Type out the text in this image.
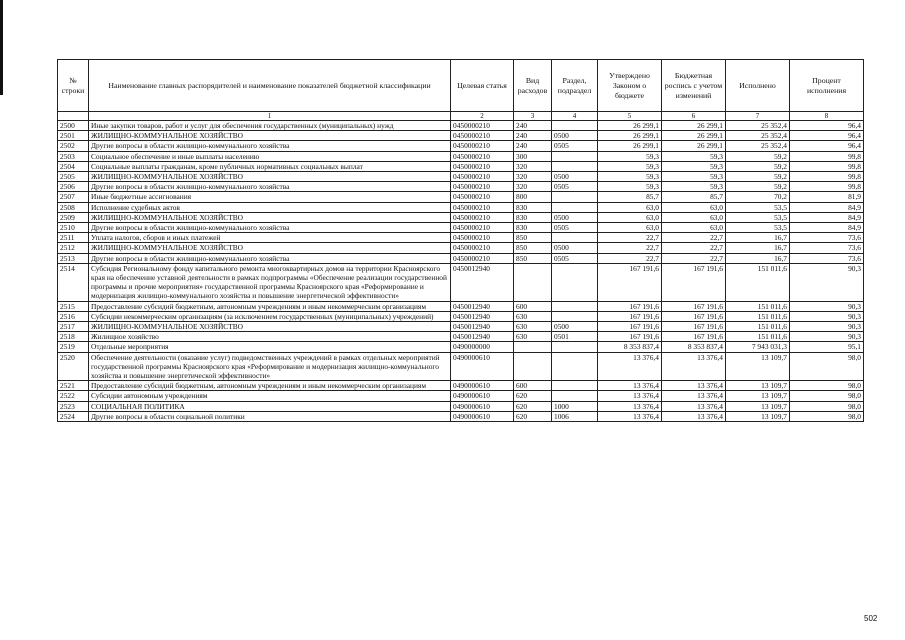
№ строки	Наименование главных распорядителей и наименование показателей бюджетной классификации	Целевая статья	Вид расходов	Раздел, подраздел	Утверждено Законом о бюджете	Бюджетная роспись с учетом изменений	Исполнено	Процент исполнения
	1	2	3	4	5	6	7	8
2500	Иные закупки товаров, работ и услуг для обеспечения государственных (муниципальных) нужд	0450000210	240		26 299,1	26 299,1	25 352,4	96,4
2501	ЖИЛИЩНО-КОММУНАЛЬНОЕ ХОЗЯЙСТВО	0450000210	240	0500	26 299,1	26 299,1	25 352,4	96,4
2502	Другие вопросы в области жилищно-коммунального хозяйства	0450000210	240	0505	26 299,1	26 299,1	25 352,4	96,4
2503	Социальное обеспечение и иные выплаты населению	0450000210	300		59,3	59,3	59,2	99,8
2504	Социальные выплаты гражданам, кроме публичных нормативных социальных выплат	0450000210	320		59,3	59,3	59,2	99,8
2505	ЖИЛИЩНО-КОММУНАЛЬНОЕ ХОЗЯЙСТВО	0450000210	320	0500	59,3	59,3	59,2	99,8
2506	Другие вопросы в области жилищно-коммунального хозяйства	0450000210	320	0505	59,3	59,3	59,2	99,8
2507	Иные бюджетные ассигнования	0450000210	800		85,7	85,7	70,2	81,9
2508	Исполнение судебных актов	0450000210	830		63,0	63,0	53,5	84,9
2509	ЖИЛИЩНО-КОММУНАЛЬНОЕ ХОЗЯЙСТВО	0450000210	830	0500	63,0	63,0	53,5	84,9
2510	Другие вопросы в области жилищно-коммунального хозяйства	0450000210	830	0505	63,0	63,0	53,5	84,9
2511	Уплата налогов, сборов и иных платежей	0450000210	850		22,7	22,7	16,7	73,6
2512	ЖИЛИЩНО-КОММУНАЛЬНОЕ ХОЗЯЙСТВО	0450000210	850	0500	22,7	22,7	16,7	73,6
2513	Другие вопросы в области жилищно-коммунального хозяйства	0450000210	850	0505	22,7	22,7	16,7	73,6
2514	Субсидия Региональному фонду капитального ремонта многоквартирных домов на территории Красноярского края на обеспечение уставной деятельности в рамках подпрограммы «Обеспечение реализации государственной программы и прочие мероприятия» государственной программы Красноярского края «Реформирование и модернизация жилищно-коммунального хозяйства и повышение энергетической эффективности»	0450012940			167 191,6	167 191,6	151 011,6	90,3
2515	Предоставление субсидий бюджетным, автономным учреждениям и иным некоммерческим организациям	0450012940	600		167 191,6	167 191,6	151 011,6	90,3
2516	Субсидии некоммерческим организациям (за исключением государственных (муниципальных) учреждений)	0450012940	630		167 191,6	167 191,6	151 011,6	90,3
2517	ЖИЛИЩНО-КОММУНАЛЬНОЕ ХОЗЯЙСТВО	0450012940	630	0500	167 191,6	167 191,6	151 011,6	90,3
2518	Жилищное хозяйство	0450012940	630	0501	167 191,6	167 191,6	151 011,6	90,3
2519	Отдельные мероприятия	0490000000			8 353 837,4	8 353 837,4	7 943 031,3	95,1
2520	Обеспечение деятельности (оказание услуг) подведомственных учреждений в рамках отдельных мероприятий государственной программы Красноярского края «Реформирование и модернизация жилищно-коммунального хозяйства и повышение энергетической эффективности»	0490000610			13 376,4	13 376,4	13 109,7	98,0
2521	Предоставление субсидий бюджетным, автономным учреждениям и иным некоммерческим организациям	0490000610	600		13 376,4	13 376,4	13 109,7	98,0
2522	Субсидии автономным учреждениям	0490000610	620		13 376,4	13 376,4	13 109,7	98,0
2523	СОЦИАЛЬНАЯ ПОЛИТИКА	0490000610	620	1000	13 376,4	13 376,4	13 109,7	98,0
2524	Другие вопросы в области социальной политики	0490000610	620	1006	13 376,4	13 376,4	13 109,7	98,0
502
